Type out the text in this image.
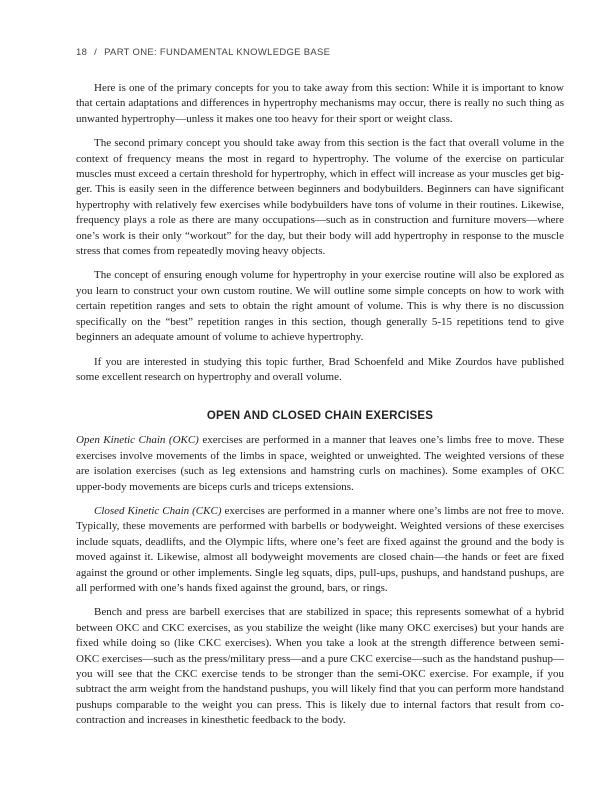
18 / PART ONE: FUNDAMENTAL KNOWLEDGE BASE

Here is one of the primary concepts for you to take away from this section: While it is important to know that certain adaptations and differences in hypertrophy mechanisms may occur, there is really no such thing as unwanted hypertrophy—unless it makes one too heavy for their sport or weight class.

The second primary concept you should take away from this section is the fact that overall volume in the context of frequency means the most in regard to hypertrophy. The volume of the exercise on particular muscles must exceed a certain threshold for hypertrophy, which in effect will increase as your muscles get bigger. This is easily seen in the difference between beginners and bodybuilders. Beginners can have significant hypertrophy with relatively few exercises while bodybuilders have tons of volume in their routines. Likewise, frequency plays a role as there are many occupations—such as in construction and furniture movers—where one’s work is their only “workout” for the day, but their body will add hypertrophy in response to the muscle stress that comes from repeatedly moving heavy objects.

The concept of ensuring enough volume for hypertrophy in your exercise routine will also be explored as you learn to construct your own custom routine. We will outline some simple concepts on how to work with certain repetition ranges and sets to obtain the right amount of volume. This is why there is no discussion specifically on the “best” repetition ranges in this section, though generally 5-15 repetitions tend to give beginners an adequate amount of volume to achieve hypertrophy.

If you are interested in studying this topic further, Brad Schoenfeld and Mike Zourdos have published some excellent research on hypertrophy and overall volume.

OPEN AND CLOSED CHAIN EXERCISES

Open Kinetic Chain (OKC) exercises are performed in a manner that leaves one’s limbs free to move. These exercises involve movements of the limbs in space, weighted or unweighted. The weighted versions of these are isolation exercises (such as leg extensions and hamstring curls on machines). Some examples of OKC upper-body movements are biceps curls and triceps extensions.

Closed Kinetic Chain (CKC) exercises are performed in a manner where one’s limbs are not free to move. Typically, these movements are performed with barbells or bodyweight. Weighted versions of these exercises include squats, deadlifts, and the Olympic lifts, where one’s feet are fixed against the ground and the body is moved against it. Likewise, almost all bodyweight movements are closed chain—the hands or feet are fixed against the ground or other implements. Single leg squats, dips, pull-ups, pushups, and handstand pushups, are all performed with one’s hands fixed against the ground, bars, or rings.

Bench and press are barbell exercises that are stabilized in space; this represents somewhat of a hybrid between OKC and CKC exercises, as you stabilize the weight (like many OKC exercises) but your hands are fixed while doing so (like CKC exercises). When you take a look at the strength difference between semi-OKC exercises—such as the press/military press—and a pure CKC exercise—such as the handstand pushup—you will see that the CKC exercise tends to be stronger than the semi-OKC exercise. For example, if you subtract the arm weight from the handstand pushups, you will likely find that you can perform more handstand pushups comparable to the weight you can press. This is likely due to internal factors that result from co-contraction and increases in kinesthetic feedback to the body.
